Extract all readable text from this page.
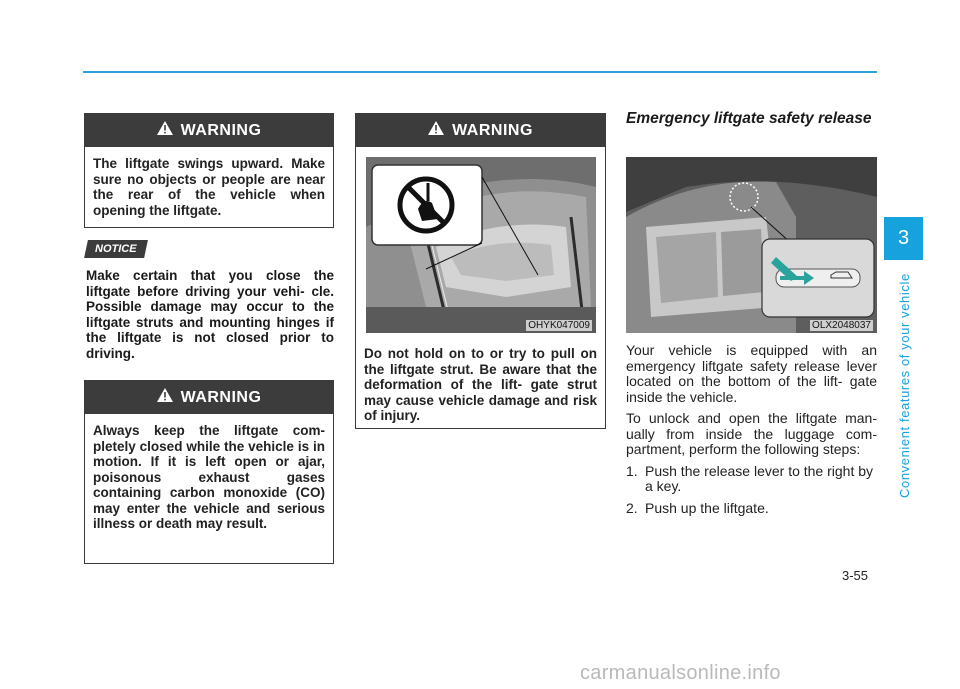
WARNING
The liftgate swings upward. Make sure no objects or people are near the rear of the vehicle when opening the liftgate.
NOTICE
Make certain that you close the liftgate before driving your vehi- cle. Possible damage may occur to the liftgate struts and mounting hinges if the liftgate is not closed prior to driving.
WARNING
Always keep the liftgate com- pletely closed while the vehicle is in motion. If it is left open or ajar, poisonous exhaust gases containing carbon monoxide (CO) may enter the vehicle and serious illness or death may result.
WARNING
OHYK047009
Do not hold on to or try to pull on the liftgate strut. Be aware that the deformation of the lift- gate strut may cause vehicle damage and risk of injury.
Emergency liftgate safety release
OLX2048037

Your vehicle is equipped with an emergency liftgate safety release lever located on the bottom of the lift- gate inside the vehicle.

To unlock and open the liftgate man- ually from inside the luggage com- partment, perform the following steps:

1. Push the release lever to the right by a key.
2. Push up the liftgate.
3
Convenient features of your vehicle
3-55
carmanualsonline.info
